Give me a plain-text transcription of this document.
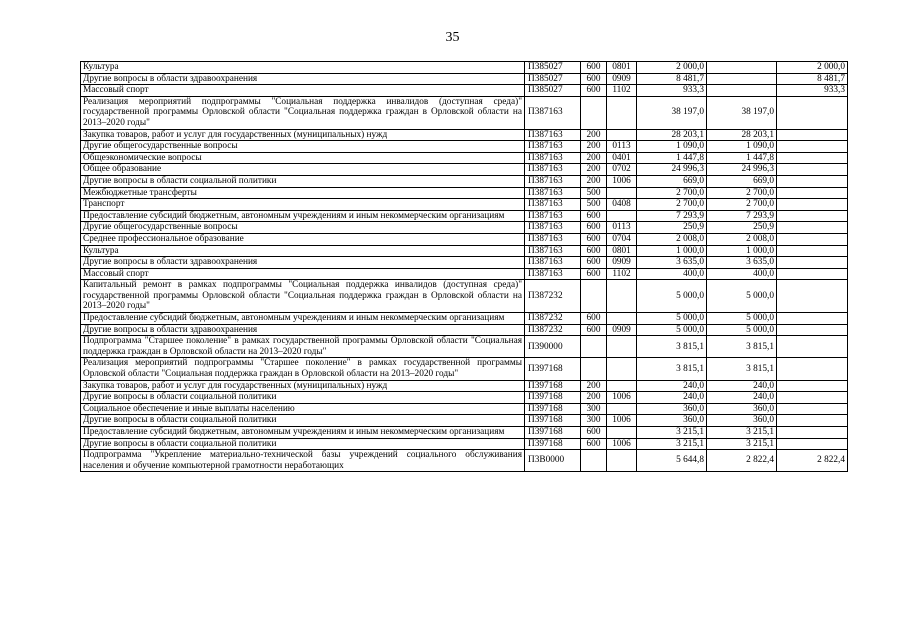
35
Культура	П385027	600	0801	2 000,0		2 000,0
Другие вопросы в области здравоохранения	П385027	600	0909	8 481,7		8 481,7
Массовый спорт	П385027	600	1102	933,3		933,3
Реализация мероприятий подпрограммы "Социальная поддержка инвалидов (доступная среда)" государственной программы Орловской области "Социальная поддержка граждан в Орловской области на 2013–2020 годы"	П387163			38 197,0	38 197,0	
Закупка товаров, работ и услуг для государственных (муниципальных) нужд	П387163	200		28 203,1	28 203,1	
Другие общегосударственные вопросы	П387163	200	0113	1 090,0	1 090,0	
Общеэкономические вопросы	П387163	200	0401	1 447,8	1 447,8	
Общее образование	П387163	200	0702	24 996,3	24 996,3	
Другие вопросы в области социальной политики	П387163	200	1006	669,0	669,0	
Межбюджетные трансферты	П387163	500		2 700,0	2 700,0	
Транспорт	П387163	500	0408	2 700,0	2 700,0	
Предоставление субсидий бюджетным, автономным учреждениям и иным некоммерческим организациям	П387163	600		7 293,9	7 293,9	
Другие общегосударственные вопросы	П387163	600	0113	250,9	250,9	
Среднее профессиональное образование	П387163	600	0704	2 008,0	2 008,0	
Культура	П387163	600	0801	1 000,0	1 000,0	
Другие вопросы в области здравоохранения	П387163	600	0909	3 635,0	3 635,0	
Массовый спорт	П387163	600	1102	400,0	400,0	
Капитальный ремонт в рамках подпрограммы "Социальная поддержка инвалидов (доступная среда)" государственной программы Орловской области "Социальная поддержка граждан в Орловской области на 2013–2020 годы"	П387232			5 000,0	5 000,0	
Предоставление субсидий бюджетным, автономным учреждениям и иным некоммерческим организациям	П387232	600		5 000,0	5 000,0	
Другие вопросы в области здравоохранения	П387232	600	0909	5 000,0	5 000,0	
Подпрограмма "Старшее поколение" в рамках государственной программы Орловской области "Социальная поддержка граждан в Орловской области на 2013–2020 годы"	П390000			3 815,1	3 815,1	
Реализация мероприятий подпрограммы "Старшее поколение" в рамках государственной программы Орловской области "Социальная поддержка граждан в Орловской области на 2013–2020 годы"	П397168			3 815,1	3 815,1	
Закупка товаров, работ и услуг для государственных (муниципальных) нужд	П397168	200		240,0	240,0	
Другие вопросы в области социальной политики	П397168	200	1006	240,0	240,0	
Социальное обеспечение и иные выплаты населению	П397168	300		360,0	360,0	
Другие вопросы в области социальной политики	П397168	300	1006	360,0	360,0	
Предоставление субсидий бюджетным, автономным учреждениям и иным некоммерческим организациям	П397168	600		3 215,1	3 215,1	
Другие вопросы в области социальной политики	П397168	600	1006	3 215,1	3 215,1	
Подпрограмма "Укрепление материально-технической базы учреждений социального обслуживания населения и обучение компьютерной грамотности неработающих	П3В0000			5 644,8	2 822,4	2 822,4
